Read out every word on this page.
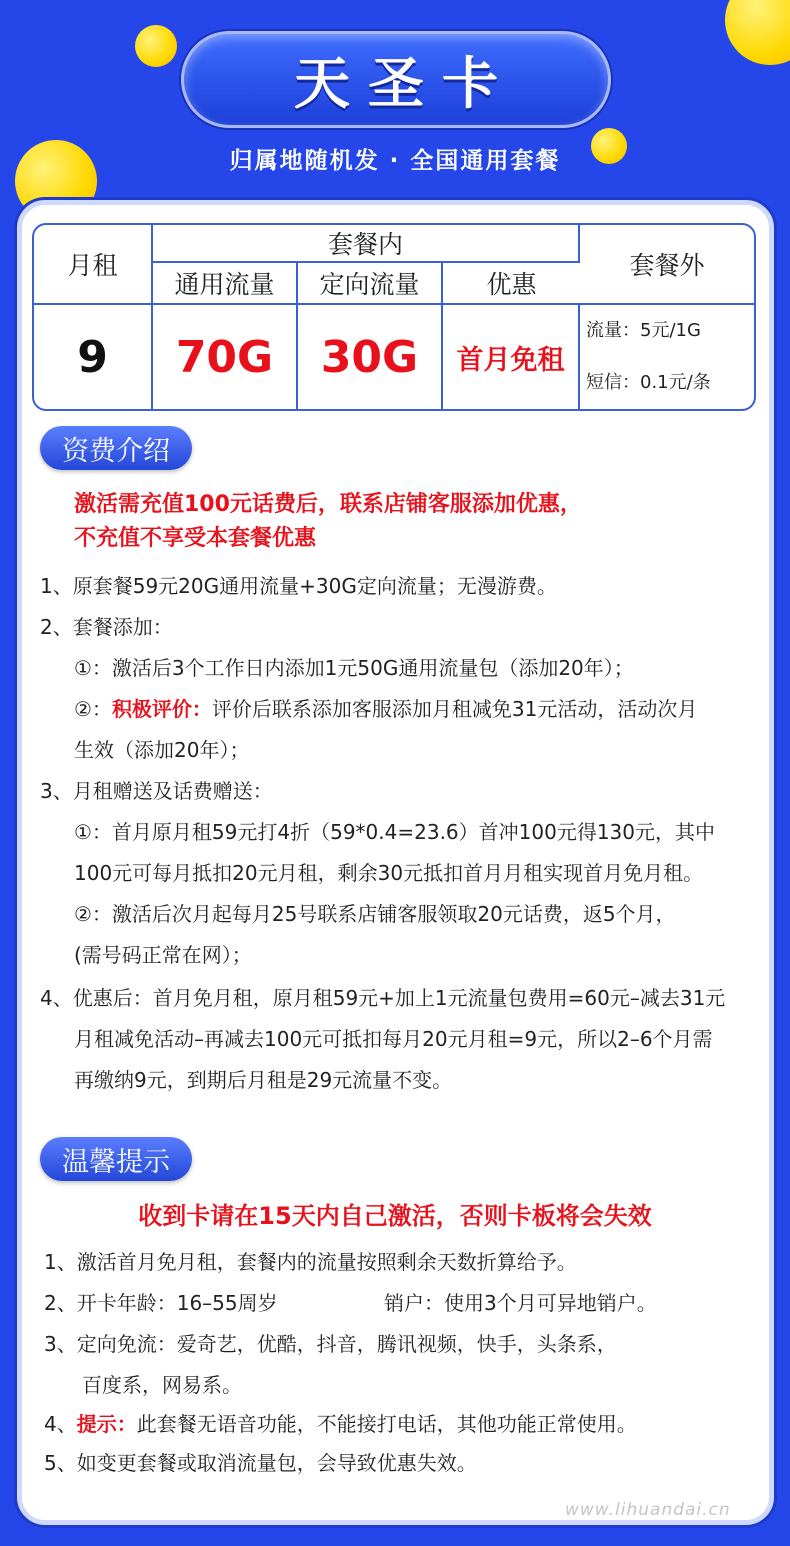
天圣卡
归属地随机发 · 全国通用套餐
月租	套餐内			套餐外
	通用流量	定向流量	优惠	
9	70G	30G	首月免租	流量：5元/1G
短信：0.1元/条
资费介绍
激活需充值100元话费后，联系店铺客服添加优惠，
不充值不享受本套餐优惠
1、原套餐59元20G通用流量+30G定向流量；无漫游费。
2、套餐添加：
①：激活后3个工作日内添加1元50G通用流量包（添加20年）；
②：积极评价：评价后联系添加客服添加月租减免31元活动，活动次月
生效（添加20年）；
3、月租赠送及话费赠送：
①：首月原月租59元打4折（59*0.4=23.6）首冲100元得130元，其中
100元可每月抵扣20元月租，剩余30元抵扣首月月租实现首月免月租。
②：激活后次月起每月25号联系店铺客服领取20元话费，返5个月，
(需号码正常在网）；
4、优惠后：首月免月租，原月租59元+加上1元流量包费用=60元–减去31元
月租减免活动–再减去100元可抵扣每月20元月租=9元，所以2–6个月需
再缴纳9元，到期后月租是29元流量不变。
温馨提示
收到卡请在15天内自己激活，否则卡板将会失效
1、激活首月免月租，套餐内的流量按照剩余天数折算给予。
2、开卡年龄：16–55周岁	销户：使用3个月可异地销户。
3、定向免流：爱奇艺，优酷，抖音，腾讯视频，快手，头条系，
百度系，网易系。
4、提示：此套餐无语音功能，不能接打电话，其他功能正常使用。
5、如变更套餐或取消流量包，会导致优惠失效。
www.lihuandai.cn
